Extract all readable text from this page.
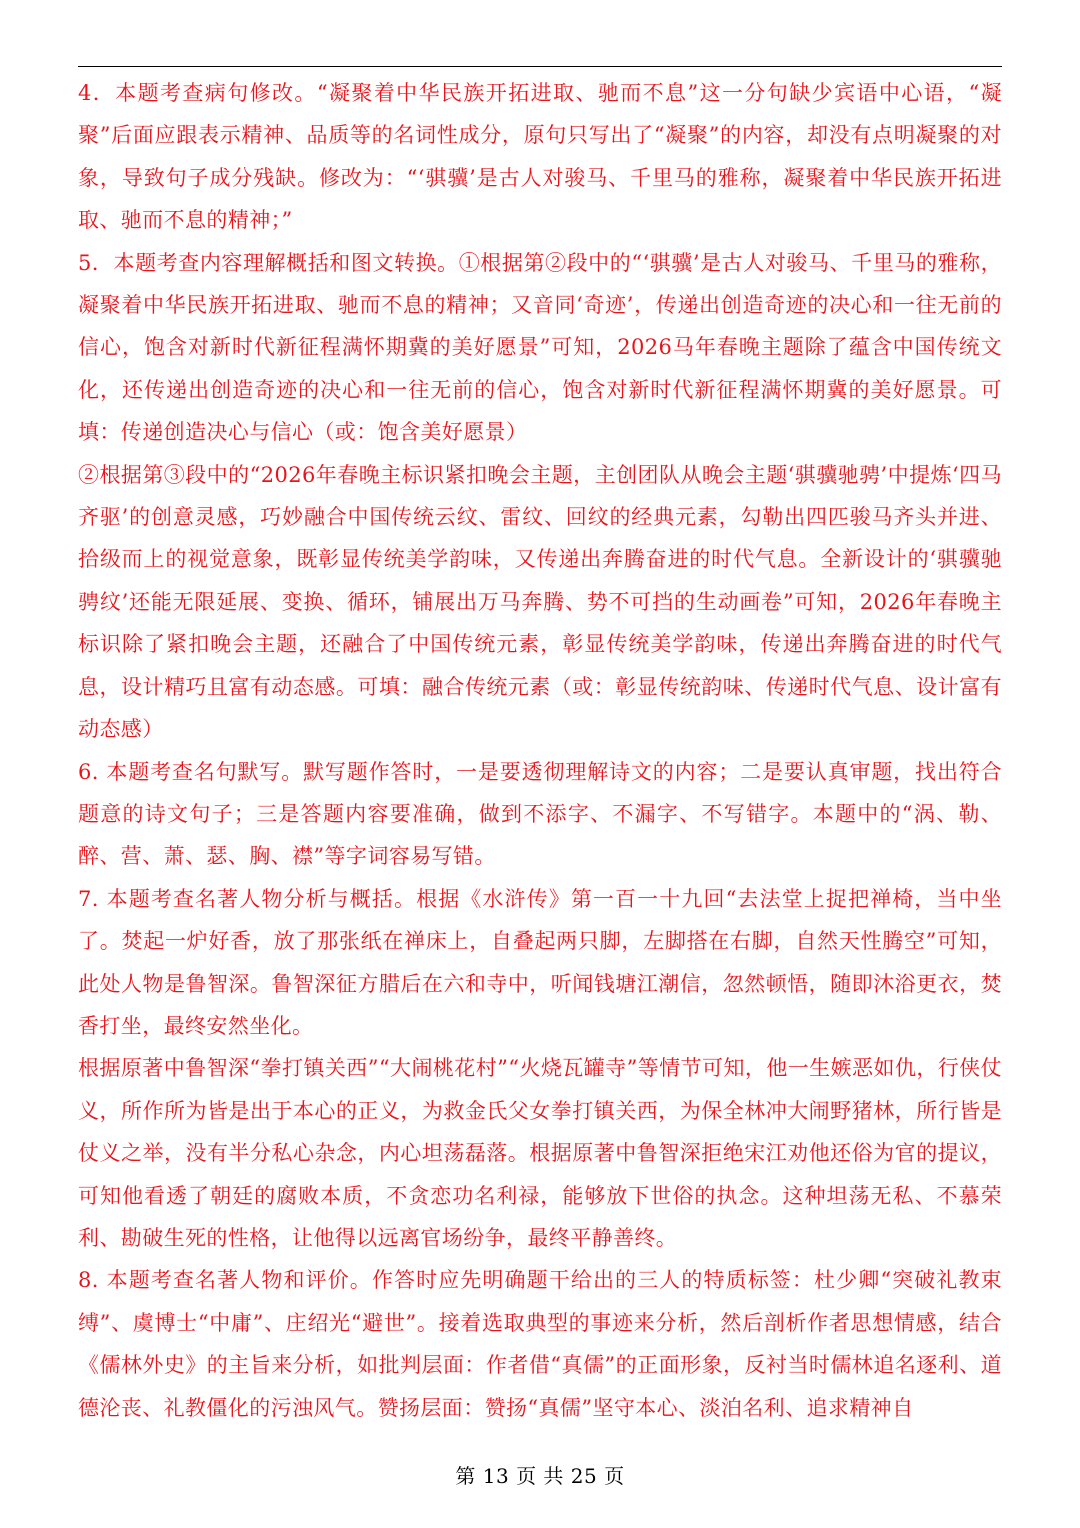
4．本题考查病句修改。“凝聚着中华民族开拓进取、驰而不息”这一分句缺少宾语中心语，“凝聚”后面应跟表示精神、品质等的名词性成分，原句只写出了“凝聚”的内容，却没有点明凝聚的对象，导致句子成分残缺。修改为：“‘骐骥’是古人对骏马、千里马的雅称，凝聚着中华民族开拓进取、驰而不息的精神；”

5．本题考查内容理解概括和图文转换。①根据第②段中的“‘骐骥’是古人对骏马、千里马的雅称，凝聚着中华民族开拓进取、驰而不息的精神；又音同‘奇迹’，传递出创造奇迹的决心和一往无前的信心，饱含对新时代新征程满怀期冀的美好愿景”可知，2026马年春晚主题除了蕴含中国传统文化，还传递出创造奇迹的决心和一往无前的信心，饱含对新时代新征程满怀期冀的美好愿景。可填：传递创造决心与信心（或：饱含美好愿景）

②根据第③段中的“2026年春晚主标识紧扣晚会主题，主创团队从晚会主题‘骐骥驰骋’中提炼‘四马齐驱’的创意灵感，巧妙融合中国传统云纹、雷纹、回纹的经典元素，勾勒出四匹骏马齐头并进、拾级而上的视觉意象，既彰显传统美学韵味，又传递出奔腾奋进的时代气息。全新设计的‘骐骥驰骋纹’还能无限延展、变换、循环，铺展出万马奔腾、势不可挡的生动画卷”可知，2026年春晚主标识除了紧扣晚会主题，还融合了中国传统元素，彰显传统美学韵味，传递出奔腾奋进的时代气息，设计精巧且富有动态感。可填：融合传统元素（或：彰显传统韵味、传递时代气息、设计富有动态感）

6. 本题考查名句默写。默写题作答时，一是要透彻理解诗文的内容；二是要认真审题，找出符合题意的诗文句子；三是答题内容要准确，做到不添字、不漏字、不写错字。本题中的“涡、勒、醉、营、萧、瑟、胸、襟”等字词容易写错。

7. 本题考查名著人物分析与概括。根据《水浒传》第一百一十九回“去法堂上捉把禅椅，当中坐了。焚起一炉好香，放了那张纸在禅床上，自叠起两只脚，左脚搭在右脚，自然天性腾空”可知，此处人物是鲁智深。鲁智深征方腊后在六和寺中，听闻钱塘江潮信，忽然顿悟，随即沐浴更衣，焚香打坐，最终安然坐化。

根据原著中鲁智深“拳打镇关西”“大闹桃花村”“火烧瓦罐寺”等情节可知，他一生嫉恶如仇，行侠仗义，所作所为皆是出于本心的正义，为救金氏父女拳打镇关西，为保全林冲大闹野猪林，所行皆是仗义之举，没有半分私心杂念，内心坦荡磊落。根据原著中鲁智深拒绝宋江劝他还俗为官的提议，可知他看透了朝廷的腐败本质，不贪恋功名利禄，能够放下世俗的执念。这种坦荡无私、不慕荣利、勘破生死的性格，让他得以远离官场纷争，最终平静善终。

8. 本题考查名著人物和评价。作答时应先明确题干给出的三人的特质标签：杜少卿“突破礼教束缚”、虞博士“中庸”、庄绍光“避世”。接着选取典型的事迹来分析，然后剖析作者思想情感，结合《儒林外史》的主旨来分析，如批判层面：作者借“真儒”的正面形象，反衬当时儒林追名逐利、道德沦丧、礼教僵化的污浊风气。赞扬层面：赞扬“真儒”坚守本心、淡泊名利、追求精神自

第 13 页 共 25 页
